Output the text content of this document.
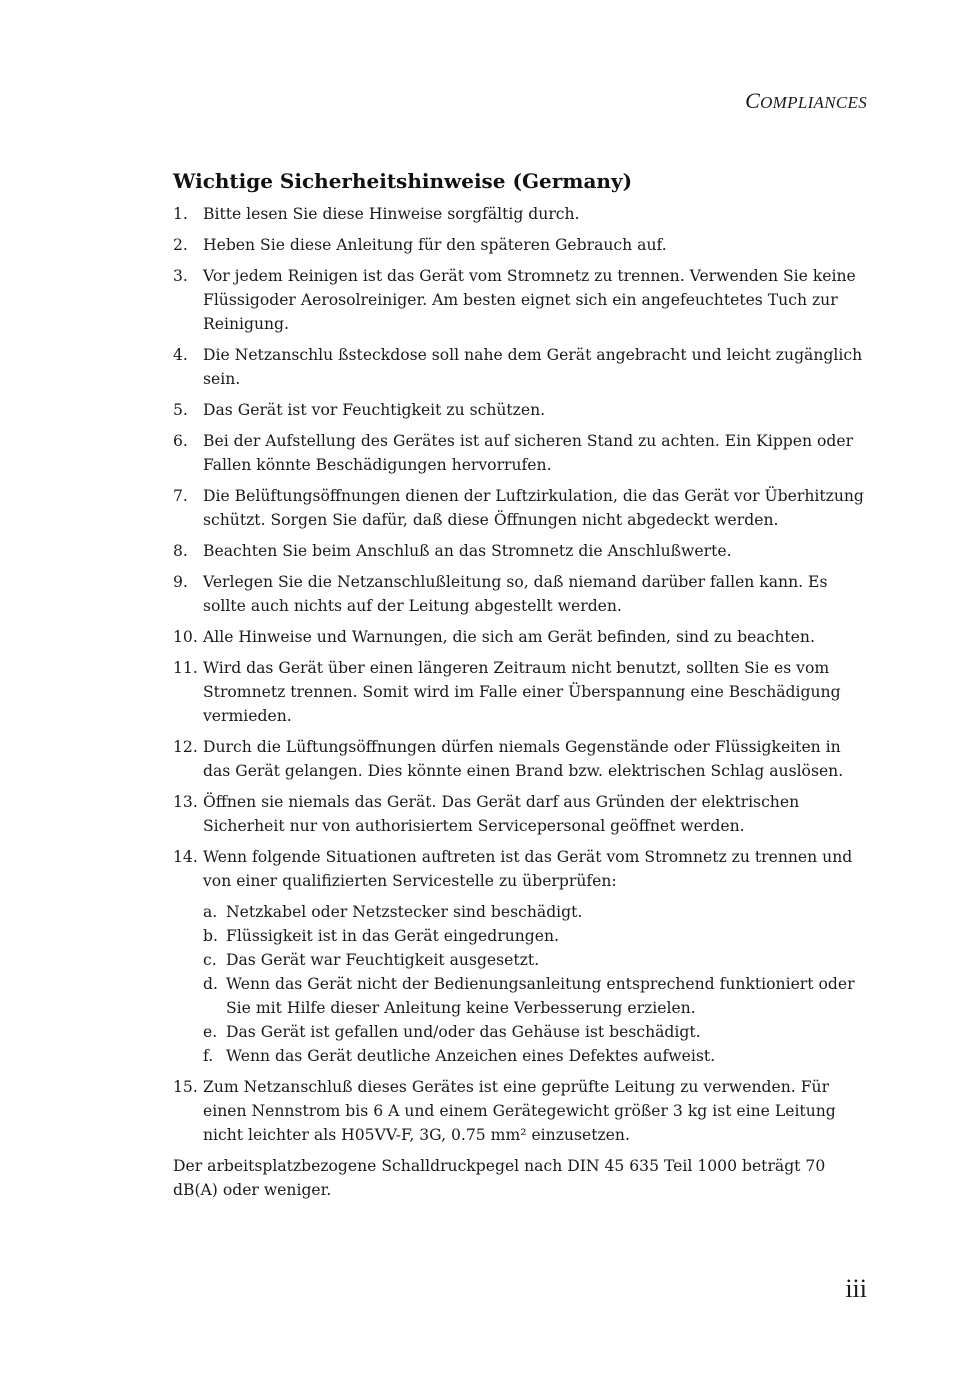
COMPLIANCES
Wichtige Sicherheitshinweise (Germany)
1. Bitte lesen Sie diese Hinweise sorgfältig durch.
2. Heben Sie diese Anleitung für den späteren Gebrauch auf.
3. Vor jedem Reinigen ist das Gerät vom Stromnetz zu trennen. Verwenden Sie keine Flüssigoder Aerosolreiniger. Am besten eignet sich ein angefeuchtetes Tuch zur Reinigung.
4. Die Netzanschlu ßsteckdose soll nahe dem Gerät angebracht und leicht zugänglich sein.
5. Das Gerät ist vor Feuchtigkeit zu schützen.
6. Bei der Aufstellung des Gerätes ist auf sicheren Stand zu achten. Ein Kippen oder Fallen könnte Beschädigungen hervorrufen.
7. Die Belüftungsöffnungen dienen der Luftzirkulation, die das Gerät vor Überhitzung schützt. Sorgen Sie dafür, daß diese Öffnungen nicht abgedeckt werden.
8. Beachten Sie beim Anschluß an das Stromnetz die Anschlußwerte.
9. Verlegen Sie die Netzanschlußleitung so, daß niemand darüber fallen kann. Es sollte auch nichts auf der Leitung abgestellt werden.
10. Alle Hinweise und Warnungen, die sich am Gerät befinden, sind zu beachten.
11. Wird das Gerät über einen längeren Zeitraum nicht benutzt, sollten Sie es vom Stromnetz trennen. Somit wird im Falle einer Überspannung eine Beschädigung vermieden.
12. Durch die Lüftungsöffnungen dürfen niemals Gegenstände oder Flüssigkeiten in das Gerät gelangen. Dies könnte einen Brand bzw. elektrischen Schlag auslösen.
13. Öffnen sie niemals das Gerät. Das Gerät darf aus Gründen der elektrischen Sicherheit nur von authorisiertem Servicepersonal geöffnet werden.
14. Wenn folgende Situationen auftreten ist das Gerät vom Stromnetz zu trennen und von einer qualifizierten Servicestelle zu überprüfen:
a. Netzkabel oder Netzstecker sind beschädigt.
b. Flüssigkeit ist in das Gerät eingedrungen.
c. Das Gerät war Feuchtigkeit ausgesetzt.
d. Wenn das Gerät nicht der Bedienungsanleitung entsprechend funktioniert oder Sie mit Hilfe dieser Anleitung keine Verbesserung erzielen.
e. Das Gerät ist gefallen und/oder das Gehäuse ist beschädigt.
f. Wenn das Gerät deutliche Anzeichen eines Defektes aufweist.
15. Zum Netzanschluß dieses Gerätes ist eine geprüfte Leitung zu verwenden. Für einen Nennstrom bis 6 A und einem Gerätegewicht größer 3 kg ist eine Leitung nicht leichter als H05VV-F, 3G, 0.75 mm² einzusetzen.

Der arbeitsplatzbezogene Schalldruckpegel nach DIN 45 635 Teil 1000 beträgt 70 dB(A) oder weniger.

iii
